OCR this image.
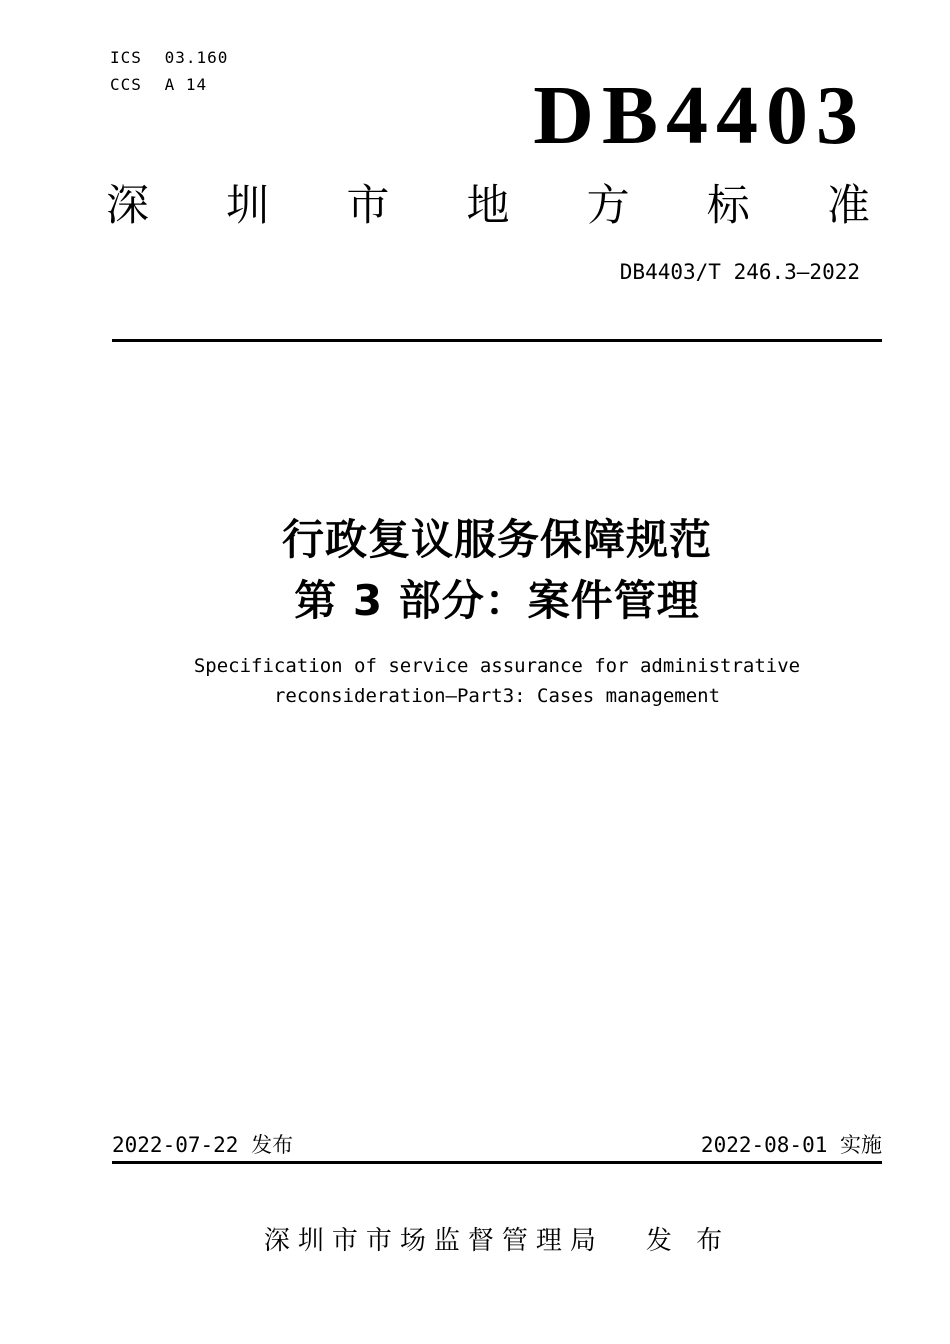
ICS 03.160
CCS A 14	DB4403
深 圳 市 地 方 标 准
DB4403/T 246.3—2022
行政复议服务保障规范
第 3 部分：案件管理
Specification of service assurance for administrative
reconsideration—Part3: Cases management
2022-07-22 发布	2022-08-01 实施
深圳市市场监督管理局 发 布
